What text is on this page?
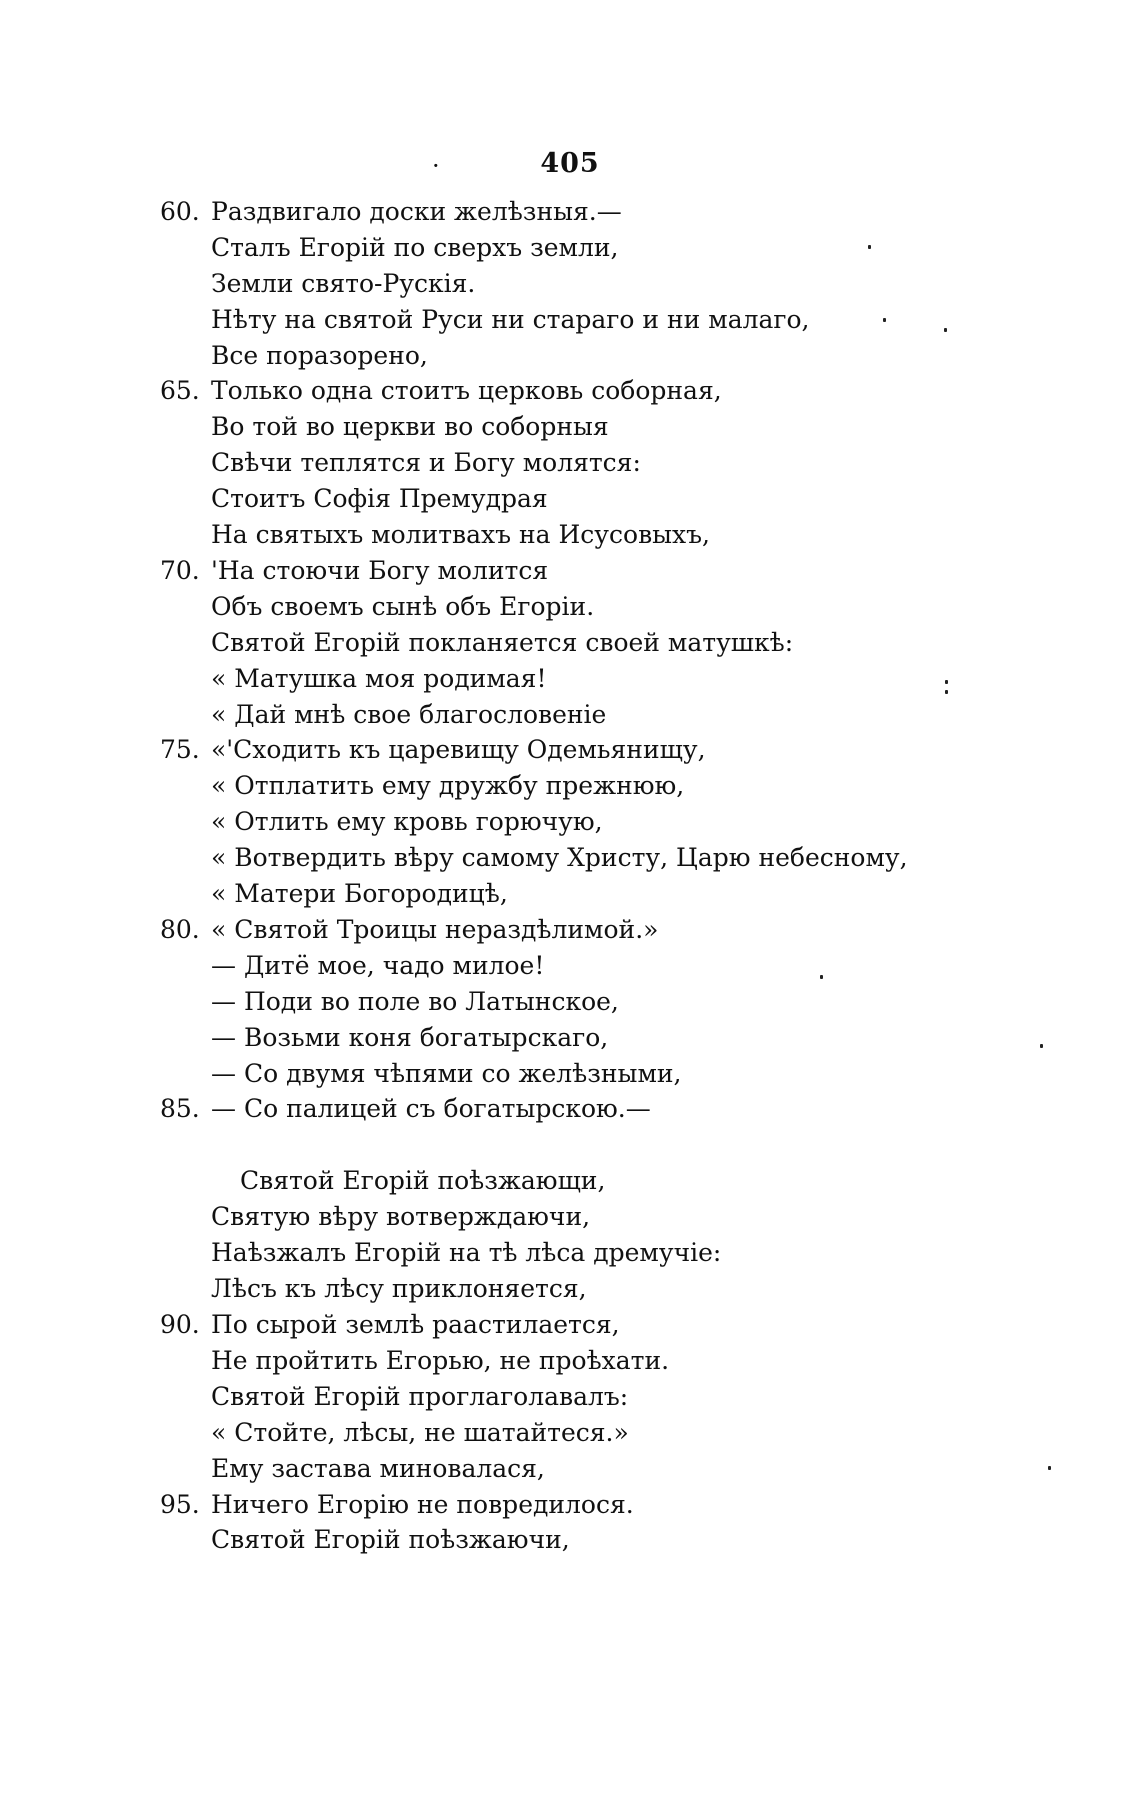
·	405
60. Раздвигало доски желѣзныя.—
Сталъ Егорій по сверхъ земли,
Земли свято-Рускія.
Нѣту на святой Руси ни стараго и ни малаго,
Все поразорено,
65. Только одна стоитъ церковь соборная,
Во той во церкви во соборныя
Свѣчи теплятся и Богу молятся:
Стоитъ Софія Премудрая
На святыхъ молитвахъ на Исусовыхъ,
70. 'На стоючи Богу молится
Объ своемъ сынѣ объ Егоріи.
Святой Егорій покланяется своей матушкѣ:
« Матушка моя родимая!
« Дай мнѣ свое благословеніе
75. «'Сходить къ царевищу Одемьянищу,
« Отплатить ему дружбу прежнюю,
« Отлить ему кровь горючую,
« Вотвердить вѣру самому Христу, Царю небесному,
« Матери Богородицѣ,
80. « Святой Троицы нераздѣлимой.»
— Дитё мое, чадо милое!
— Поди во поле во Латынское,
— Возьми коня богатырскаго,
— Со двумя чѣпями со желѣзными,
85. — Со палицей съ богатырскою.—
Святой Егорій поѣзжающи,
Святую вѣру вотверждаючи,
Наѣзжалъ Егорій на тѣ лѣса дремучіе:
Лѣсъ къ лѣсу приклоняется,
90. По сырой землѣ раастилается,
Не пройтить Егорью, не проѣхати.
Святой Егорій проглаголавалъ:
« Стойте, лѣсы, не шатайтеся.»
Ему застава миновалася,
95. Ничего Егорію не повредилося.
Святой Егорій поѣзжаючи,
